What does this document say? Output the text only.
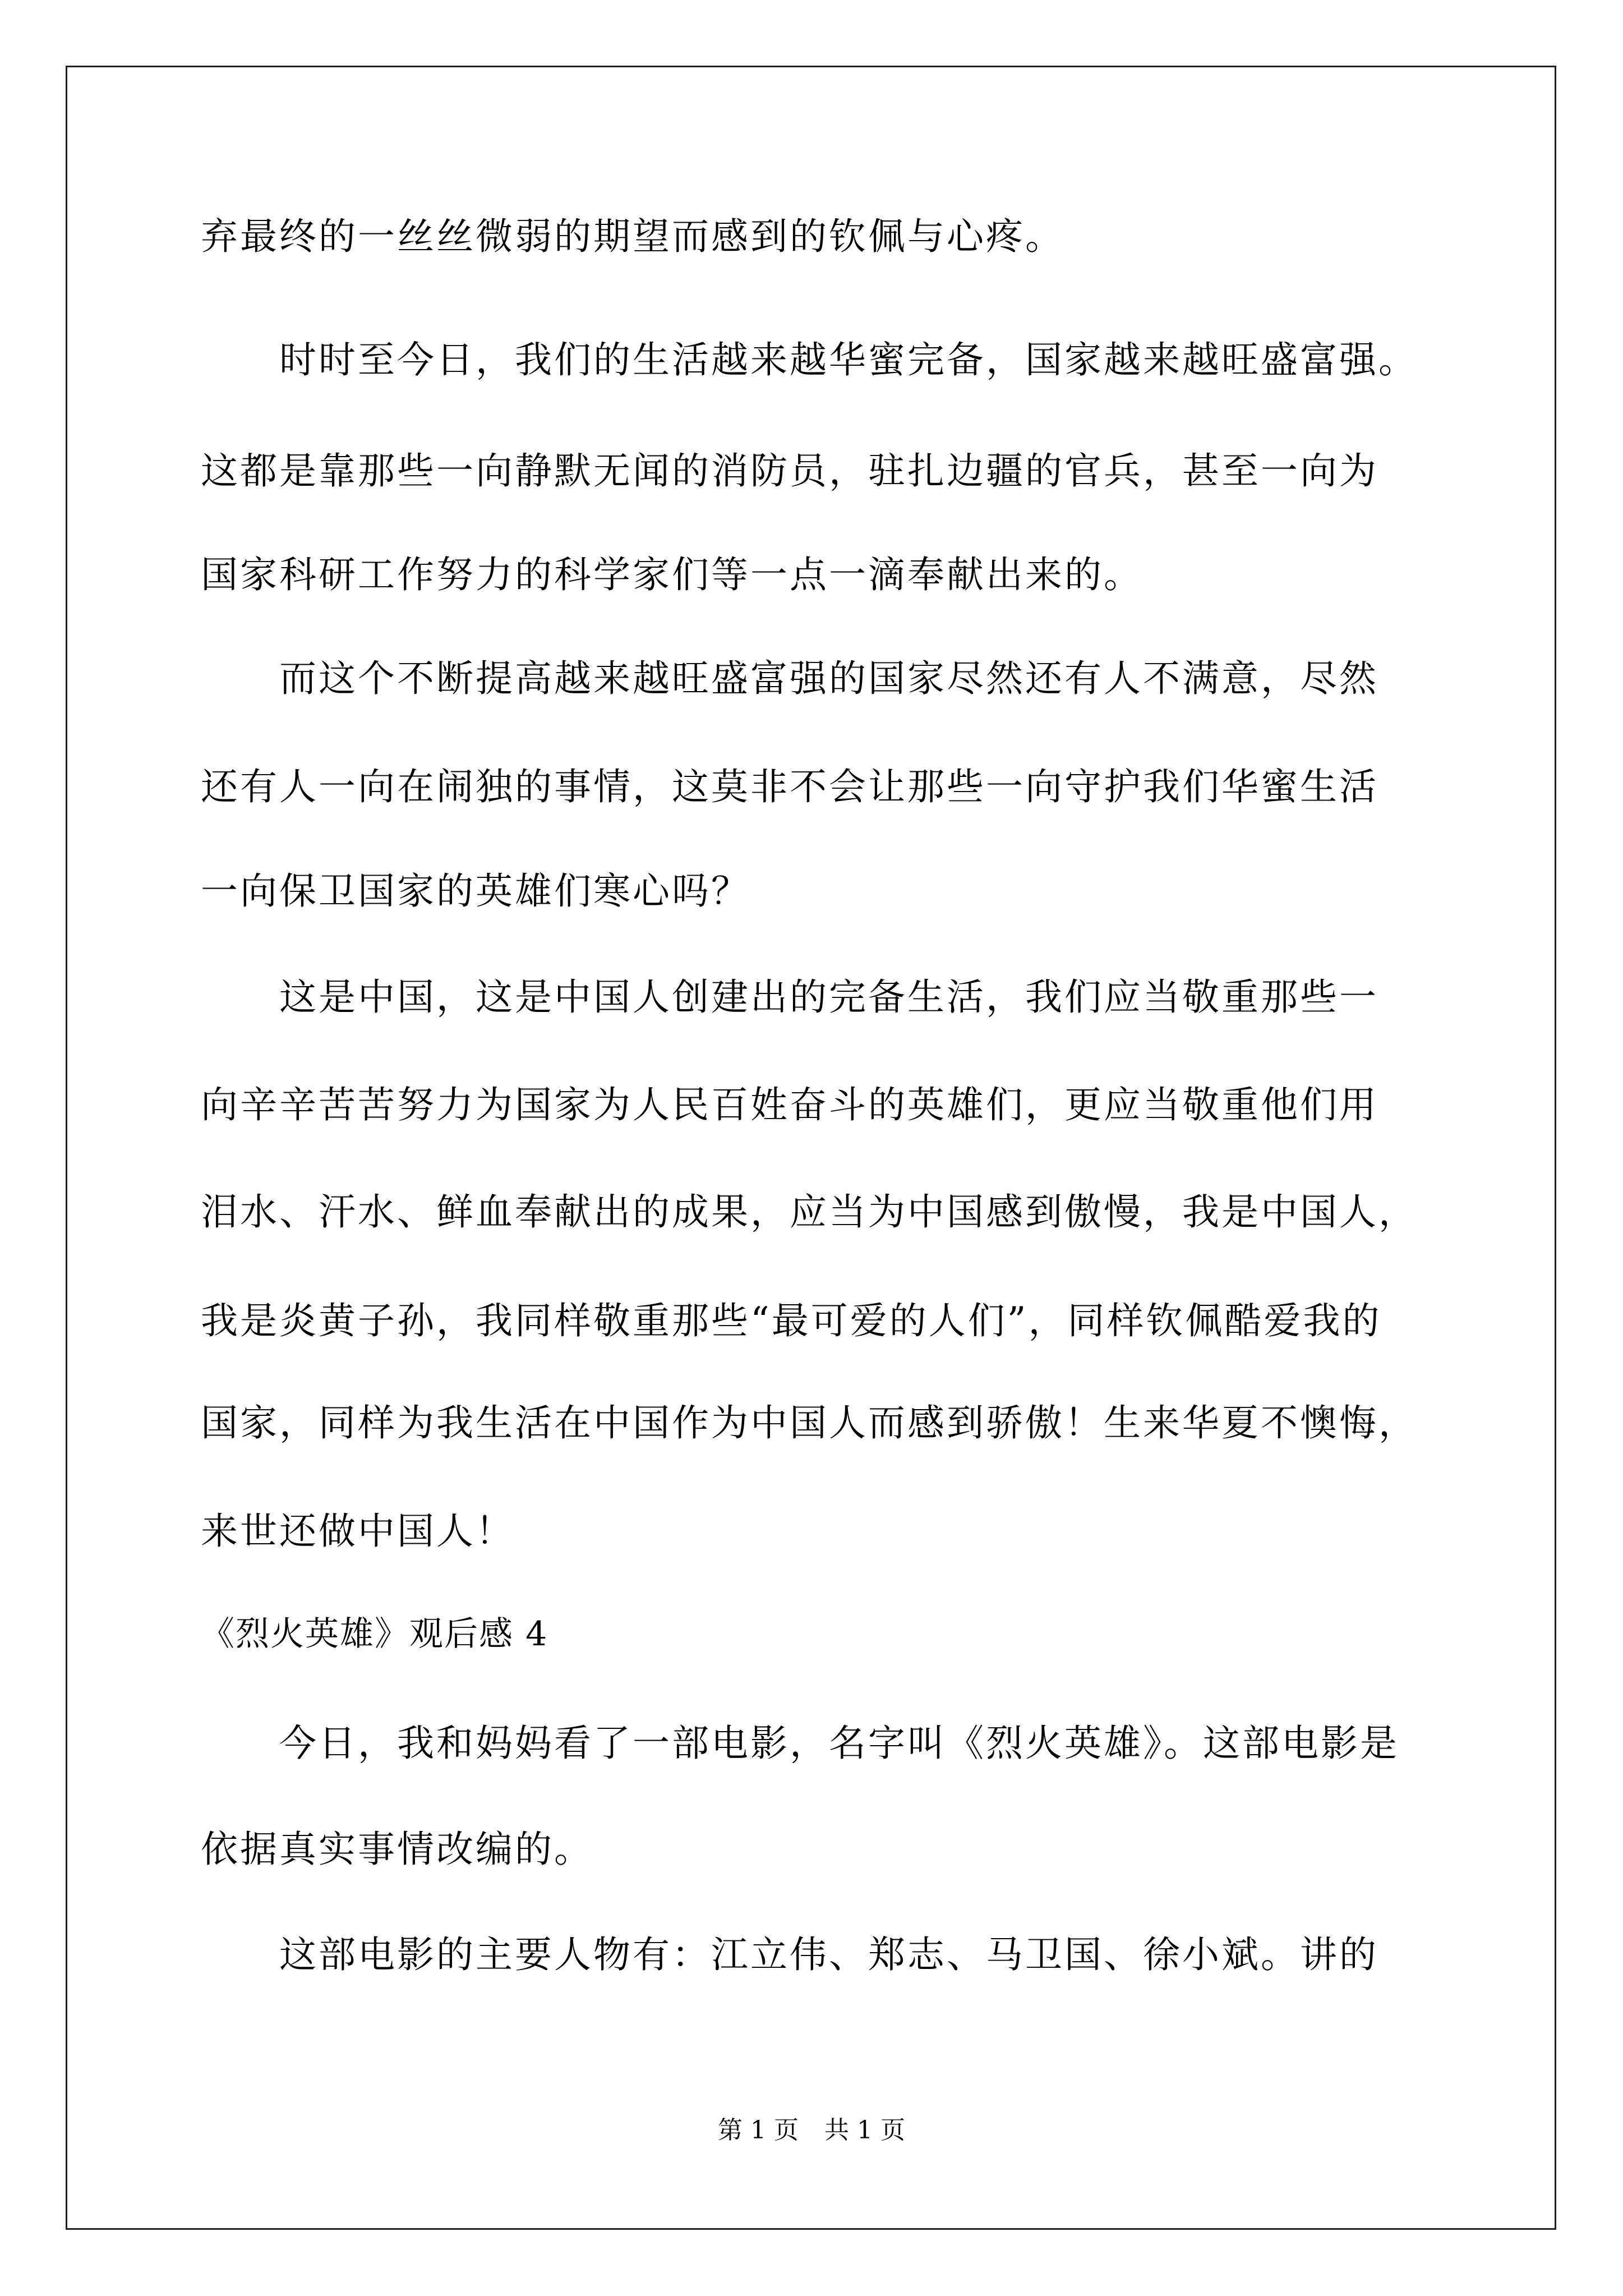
弃最终的一丝丝微弱的期望而感到的钦佩与心疼。
时时至今日，我们的生活越来越华蜜完备，国家越来越旺盛富强。
这都是靠那些一向静默无闻的消防员，驻扎边疆的官兵，甚至一向为
国家科研工作努力的科学家们等一点一滴奉献出来的。
而这个不断提高越来越旺盛富强的国家尽然还有人不满意，尽然
还有人一向在闹独的事情，这莫非不会让那些一向守护我们华蜜生活
一向保卫国家的英雄们寒心吗？
这是中国，这是中国人创建出的完备生活，我们应当敬重那些一
向辛辛苦苦努力为国家为人民百姓奋斗的英雄们，更应当敬重他们用
泪水、汗水、鲜血奉献出的成果，应当为中国感到傲慢，我是中国人，
我是炎黄子孙，我同样敬重那些“最可爱的人们”，同样钦佩酷爱我的
国家，同样为我生活在中国作为中国人而感到骄傲！生来华夏不懊悔，
来世还做中国人！
《烈火英雄》观后感 4
今日，我和妈妈看了一部电影，名字叫《烈火英雄》。这部电影是
依据真实事情改编的。
这部电影的主要人物有：江立伟、郑志、马卫国、徐小斌。讲的
第 1 页 共 1 页
